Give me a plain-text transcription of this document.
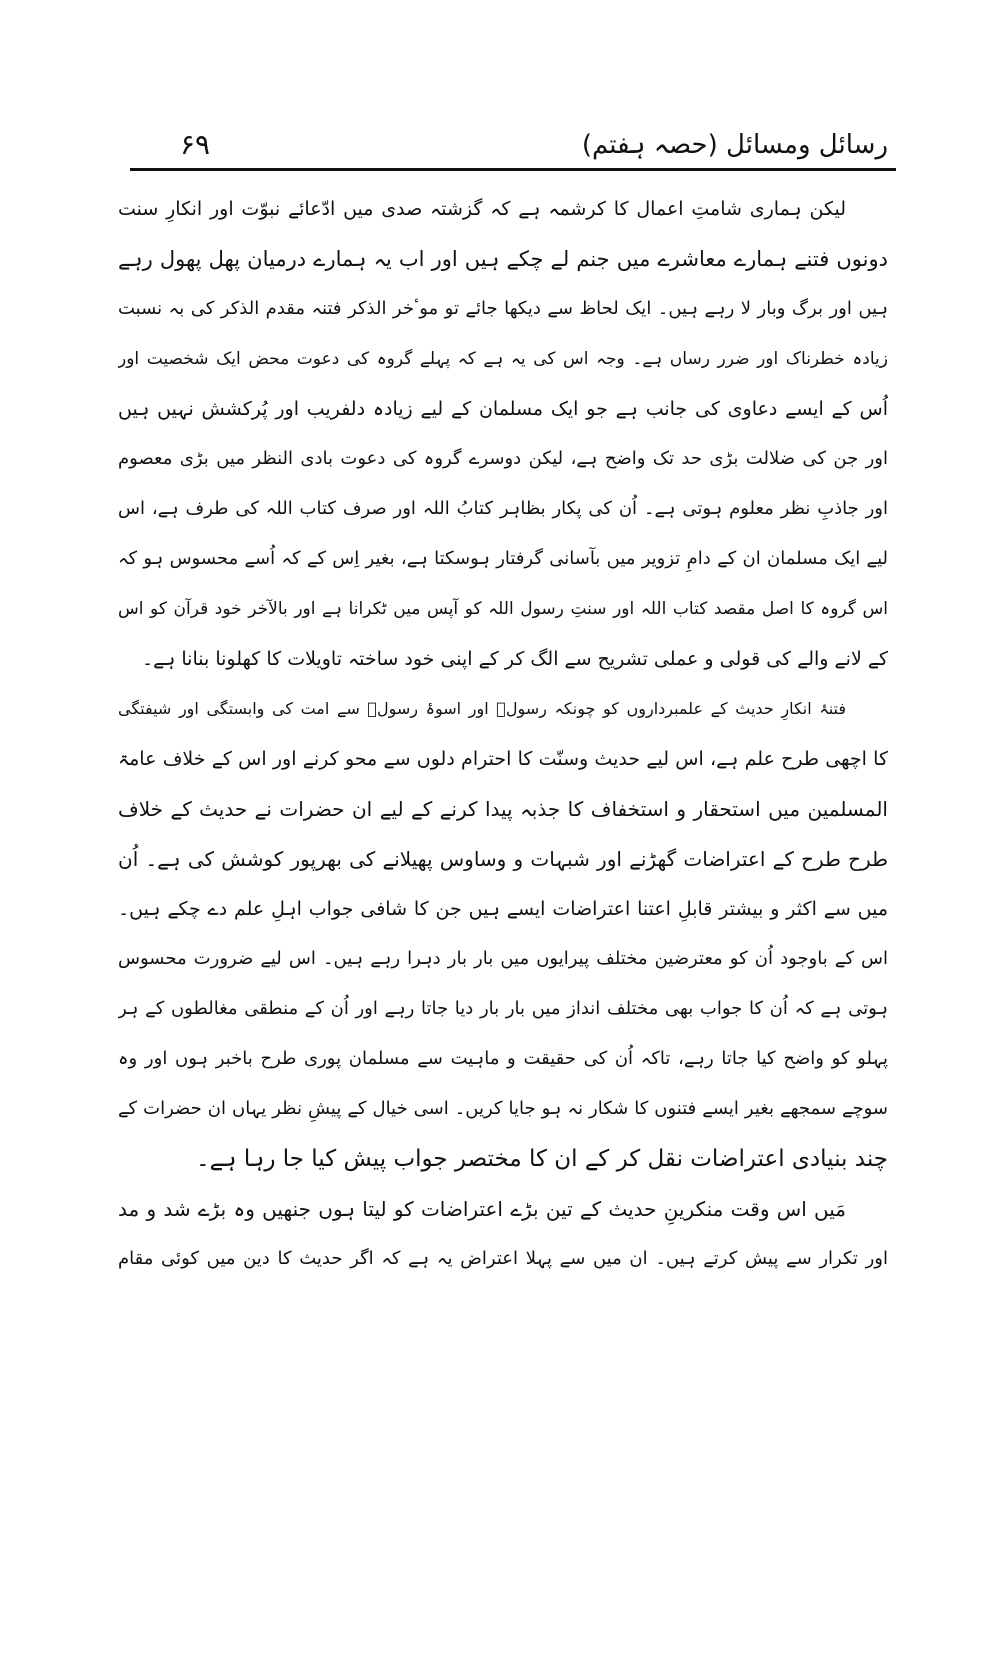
رسائل ومسائل (حصہ ہفتم)
۶۹
لیکن ہماری شامتِ اعمال کا کرشمہ ہے کہ گزشتہ صدی میں ادّعائے نبوّت اور انکارِ سنت
دونوں فتنے ہمارے معاشرے میں جنم لے چکے ہیں اور اب یہ ہمارے درمیان پھل پھول رہے
ہیں اور برگ وبار لا رہے ہیں۔ ایک لحاظ سے دیکھا جائے تو موٴخر الذکر فتنہ مقدم الذکر کی بہ نسبت
زیادہ خطرناک اور ضرر رساں ہے۔ وجہ اس کی یہ ہے کہ پہلے گروہ کی دعوت محض ایک شخصیت اور
اُس کے ایسے دعاوی کی جانب ہے جو ایک مسلمان کے لیے زیادہ دلفریب اور پُرکشش نہیں ہیں
اور جن کی ضلالت بڑی حد تک واضح ہے، لیکن دوسرے گروہ کی دعوت بادی النظر میں بڑی معصوم
اور جاذبِ نظر معلوم ہوتی ہے۔ اُن کی پکار بظاہر کتابُ اللہ اور صرف کتاب اللہ کی طرف ہے، اس
لیے ایک مسلمان ان کے دامِ تزویر میں بآسانی گرفتار ہوسکتا ہے، بغیر اِس کے کہ اُسے محسوس ہو کہ
اس گروہ کا اصل مقصد کتاب اللہ اور سنتِ رسول اللہ کو آپس میں ٹکرانا ہے اور بالآخر خود قرآن کو اس
کے لانے والے کی قولی و عملی تشریح سے الگ کر کے اپنی خود ساختہ تاویلات کا کھلونا بنانا ہے۔
فتنۂ انکارِ حدیث کے علمبرداروں کو چونکہ رسولؐ اور اسوۂ رسولؐ سے امت کی وابستگی اور شیفتگی
کا اچھی طرح علم ہے، اس لیے حدیث وسنّت کا احترام دلوں سے محو کرنے اور اس کے خلاف عامۃ
المسلمین میں استحقار و استخفاف کا جذبہ پیدا کرنے کے لیے ان حضرات نے حدیث کے خلاف
طرح طرح کے اعتراضات گھڑنے اور شبہات و وساوس پھیلانے کی بھرپور کوشش کی ہے۔ اُن
میں سے اکثر و بیشتر قابلِ اعتنا اعتراضات ایسے ہیں جن کا شافی جواب اہلِ علم دے چکے ہیں۔
اس کے باوجود اُن کو معترضین مختلف پیرایوں میں بار بار دہرا رہے ہیں۔ اس لیے ضرورت محسوس
ہوتی ہے کہ اُن کا جواب بھی مختلف انداز میں بار بار دیا جاتا رہے اور اُن کے منطقی مغالطوں کے ہر
پہلو کو واضح کیا جاتا رہے، تاکہ اُن کی حقیقت و ماہیت سے مسلمان پوری طرح باخبر ہوں اور وہ
سوچے سمجھے بغیر ایسے فتنوں کا شکار نہ ہو جایا کریں۔ اسی خیال کے پیشِ نظر یہاں ان حضرات کے
چند بنیادی اعتراضات نقل کر کے ان کا مختصر جواب پیش کیا جا رہا ہے۔
مَیں اس وقت منکرینِ حدیث کے تین بڑے اعتراضات کو لیتا ہوں جنھیں وہ بڑے شد و مد
اور تکرار سے پیش کرتے ہیں۔ ان میں سے پہلا اعتراض یہ ہے کہ اگر حدیث کا دین میں کوئی مقام
